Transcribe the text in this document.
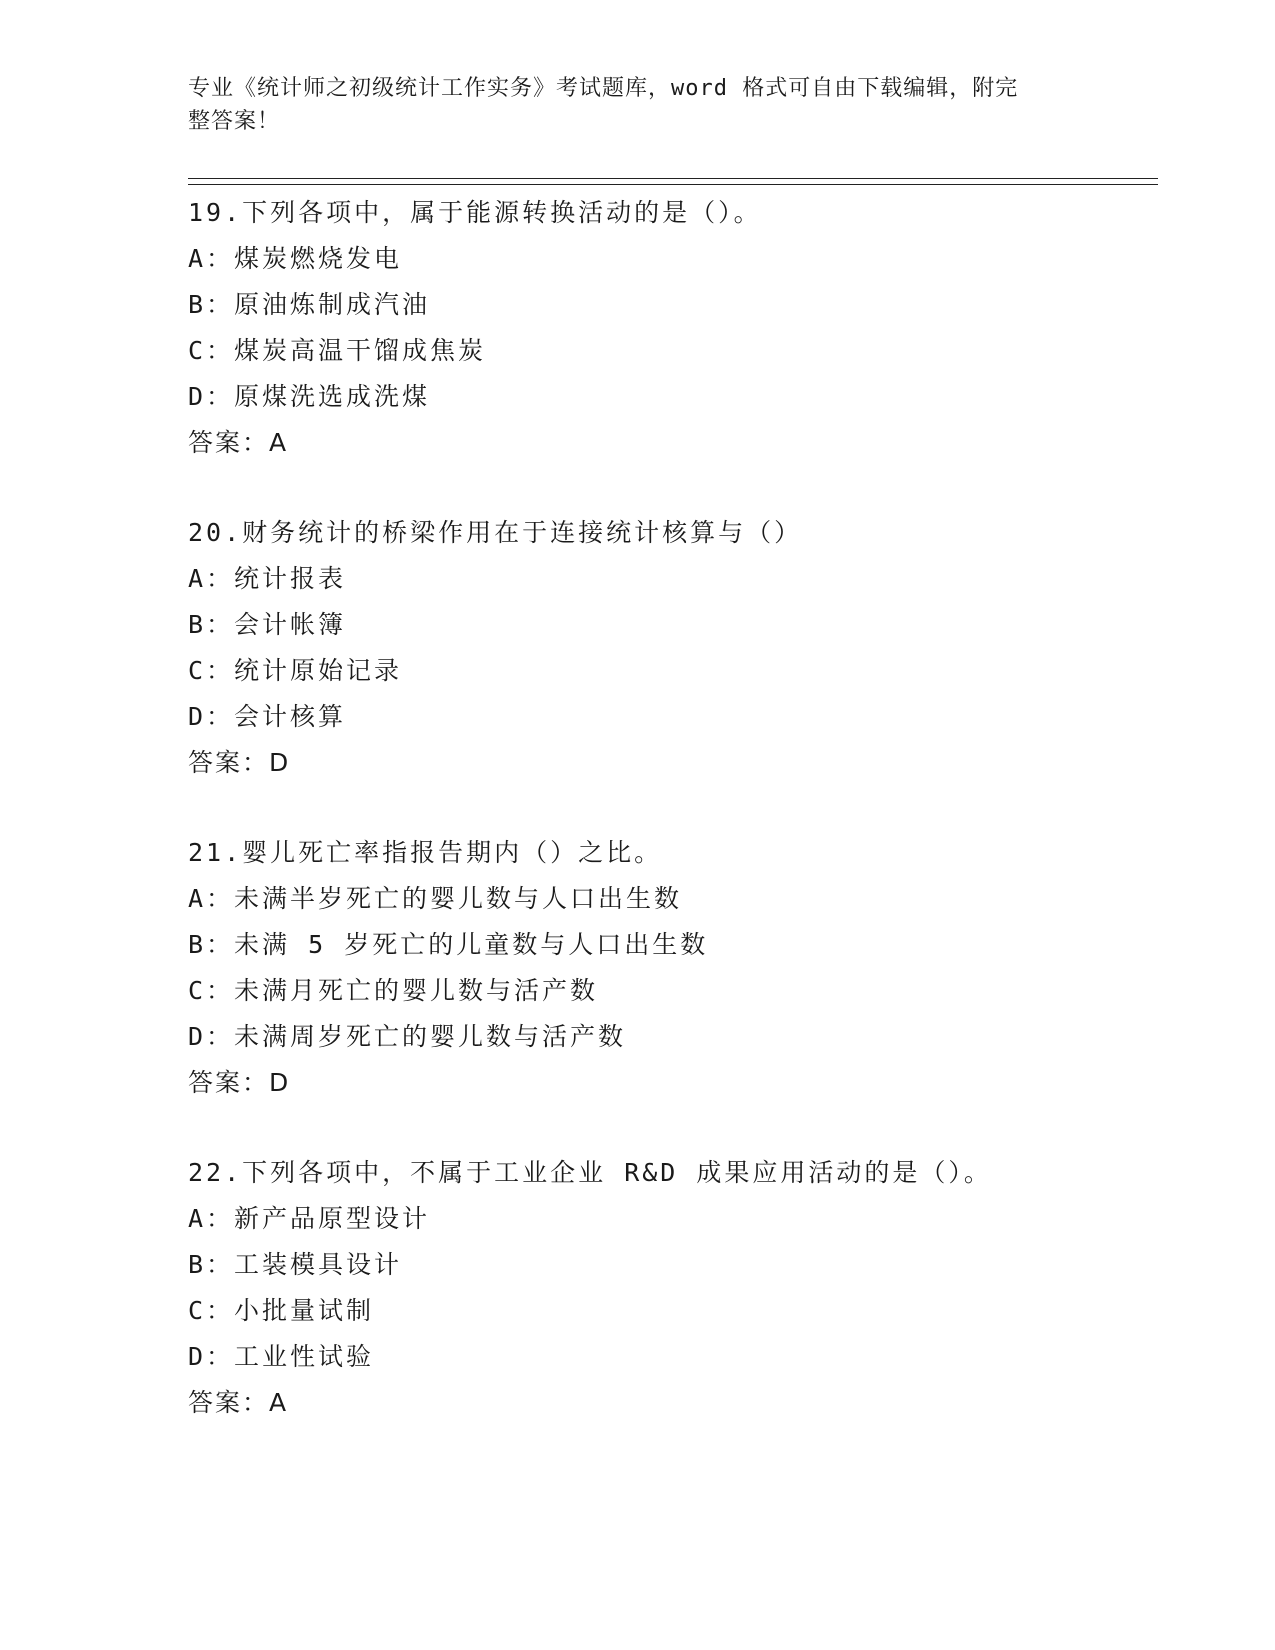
专业《统计师之初级统计工作实务》考试题库，word 格式可自由下载编辑，附完
整答案！
19.下列各项中，属于能源转换活动的是（）。
A：煤炭燃烧发电
B：原油炼制成汽油
C：煤炭高温干馏成焦炭
D：原煤洗选成洗煤
答案：A
20.财务统计的桥梁作用在于连接统计核算与（）
A：统计报表
B：会计帐簿
C：统计原始记录
D：会计核算
答案：D
21.婴儿死亡率指报告期内（）之比。
A：未满半岁死亡的婴儿数与人口出生数
B：未满 5 岁死亡的儿童数与人口出生数
C：未满月死亡的婴儿数与活产数
D：未满周岁死亡的婴儿数与活产数
答案：D
22.下列各项中，不属于工业企业 R&D 成果应用活动的是（）。
A：新产品原型设计
B：工装模具设计
C：小批量试制
D：工业性试验
答案：A
